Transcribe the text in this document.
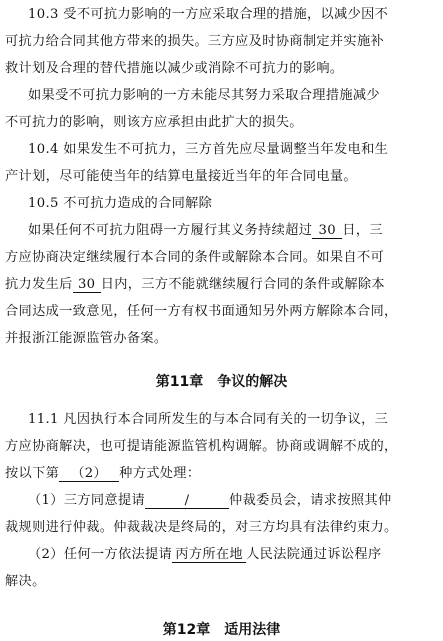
10.3 受不可抗力影响的一方应采取合理的措施，以减少因不
可抗力给合同其他方带来的损失。三方应及时协商制定并实施补
救计划及合理的替代措施以减少或消除不可抗力的影响。
如果受不可抗力影响的一方未能尽其努力采取合理措施减少
不可抗力的影响，则该方应承担由此扩大的损失。
10.4 如果发生不可抗力，三方首先应尽量调整当年发电和生
产计划，尽可能使当年的结算电量接近当年的年合同电量。
10.5 不可抗力造成的合同解除
如果任何不可抗力阻碍一方履行其义务持续超过 30 日，三
方应协商决定继续履行本合同的条件或解除本合同。如果自不可
抗力发生后 30 日内，三方不能就继续履行合同的条件或解除本
合同达成一致意见，任何一方有权书面通知另外两方解除本合同，
并报浙江能源监管办备案。
第11章　争议的解决
11.1 凡因执行本合同所发生的与本合同有关的一切争议，三
方应协商解决，也可提请能源监管机构调解。协商或调解不成的，
按以下第 （2） 种方式处理：
（1）三方同意提请	/	仲裁委员会，请求按照其仲
裁规则进行仲裁。仲裁裁决是终局的，对三方均具有法律约束力。
（2）任何一方依法提请 丙方所在地 人民法院通过诉讼程序
解决。
第12章　适用法律
